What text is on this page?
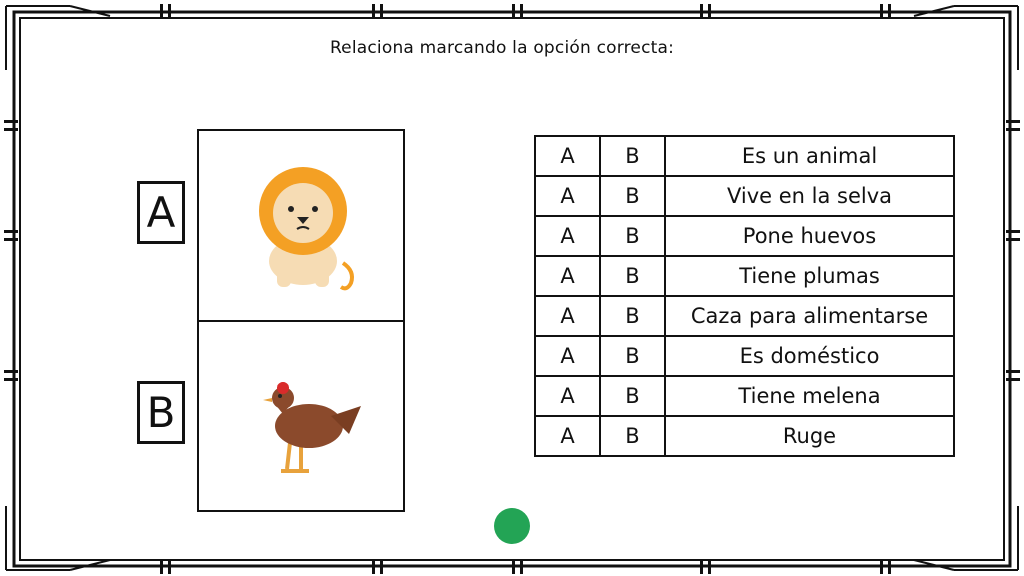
Relaciona marcando la opción correcta:
A
B
A	B	Es un animal
A	B	Vive en la selva
A	B	Pone huevos
A	B	Tiene plumas
A	B	Caza para alimentarse
A	B	Es doméstico
A	B	Tiene melena
A	B	Ruge
